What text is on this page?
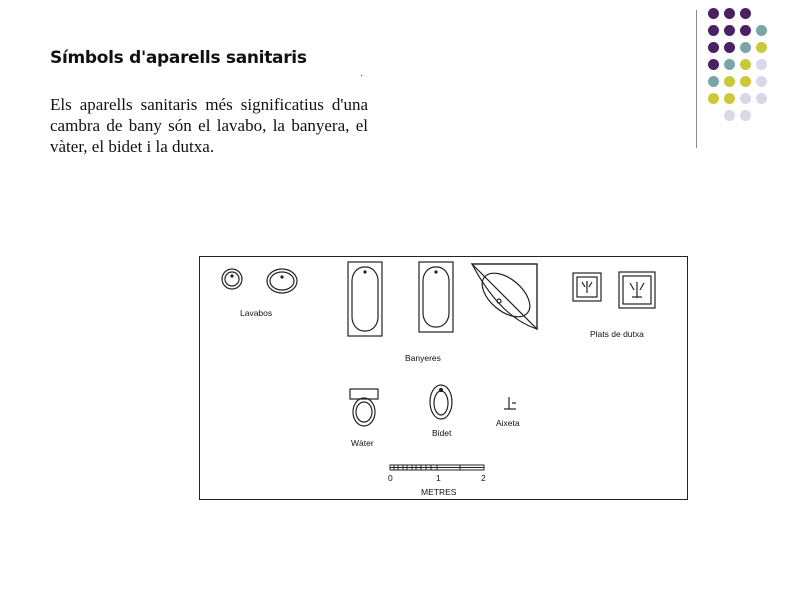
Símbols d'aparells sanitaris
·
Els aparells sanitaris més significatius d'una cambra de bany són el lavabo, la banyera, el vàter, el bidet i la dutxa.
Lavabos
Banyeres
Plats de dutxa
Wàter
Bidet
Aixeta
0	1	2
METRES
